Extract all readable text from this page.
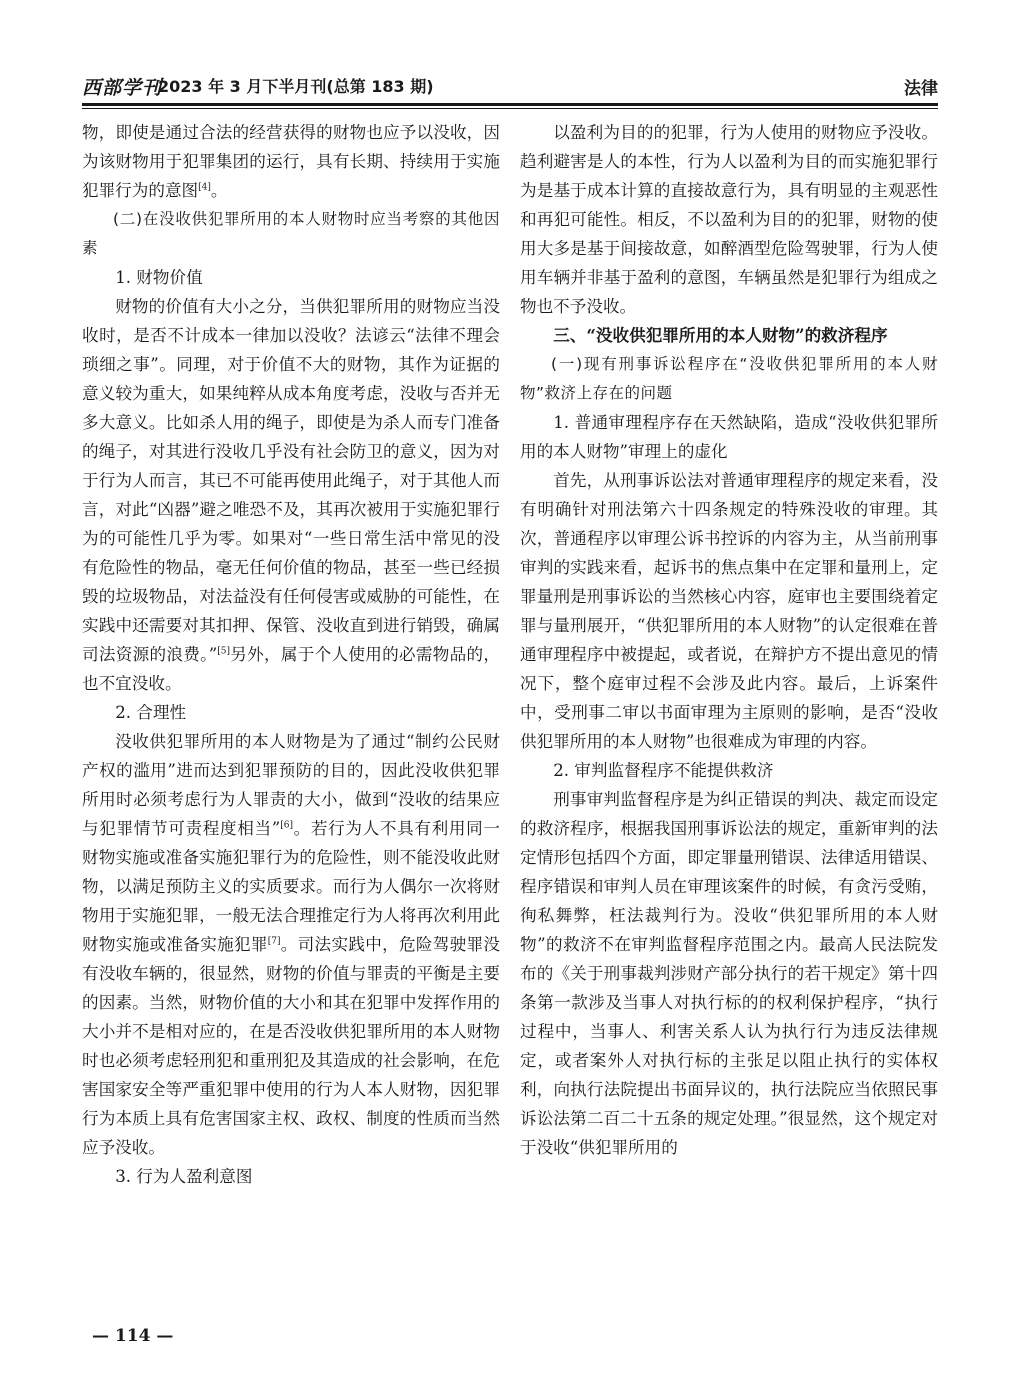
西部学刊
2023 年 3 月下半月刊(总第 183 期)	法律

物，即使是通过合法的经营获得的财物也应予以没收，因为该财物用于犯罪集团的运行，具有长期、持续用于实施犯罪行为的意图[4]。

(二)在没收供犯罪所用的本人财物时应当考察的其他因素

1. 财物价值

财物的价值有大小之分，当供犯罪所用的财物应当没收时，是否不计成本一律加以没收？法谚云“法律不理会琐细之事”。同理，对于价值不大的财物，其作为证据的意义较为重大，如果纯粹从成本角度考虑，没收与否并无多大意义。比如杀人用的绳子，即使是为杀人而专门准备的绳子，对其进行没收几乎没有社会防卫的意义，因为对于行为人而言，其已不可能再使用此绳子，对于其他人而言，对此“凶器”避之唯恐不及，其再次被用于实施犯罪行为的可能性几乎为零。如果对“一些日常生活中常见的没有危险性的物品，毫无任何价值的物品，甚至一些已经损毁的垃圾物品，对法益没有任何侵害或威胁的可能性，在实践中还需要对其扣押、保管、没收直到进行销毁，确属司法资源的浪费。”[5]另外，属于个人使用的必需物品的，也不宜没收。

2. 合理性

没收供犯罪所用的本人财物是为了通过“制约公民财产权的滥用”进而达到犯罪预防的目的，因此没收供犯罪所用时必须考虑行为人罪责的大小，做到“没收的结果应与犯罪情节可责程度相当”[6]。若行为人不具有利用同一财物实施或准备实施犯罪行为的危险性，则不能没收此财物，以满足预防主义的实质要求。而行为人偶尔一次将财物用于实施犯罪，一般无法合理推定行为人将再次利用此财物实施或准备实施犯罪[7]。司法实践中，危险驾驶罪没有没收车辆的，很显然，财物的价值与罪责的平衡是主要的因素。当然，财物价值的大小和其在犯罪中发挥作用的大小并不是相对应的，在是否没收供犯罪所用的本人财物时也必须考虑轻刑犯和重刑犯及其造成的社会影响，在危害国家安全等严重犯罪中使用的行为人本人财物，因犯罪行为本质上具有危害国家主权、政权、制度的性质而当然应予没收。

3. 行为人盈利意图

以盈利为目的的犯罪，行为人使用的财物应予没收。趋利避害是人的本性，行为人以盈利为目的而实施犯罪行为是基于成本计算的直接故意行为，具有明显的主观恶性和再犯可能性。相反，不以盈利为目的的犯罪，财物的使用大多是基于间接故意，如醉酒型危险驾驶罪，行为人使用车辆并非基于盈利的意图，车辆虽然是犯罪行为组成之物也不予没收。

三、“没收供犯罪所用的本人财物”的救济程序

(一)现有刑事诉讼程序在“没收供犯罪所用的本人财物”救济上存在的问题

1. 普通审理程序存在天然缺陷，造成“没收供犯罪所用的本人财物”审理上的虚化

首先，从刑事诉讼法对普通审理程序的规定来看，没有明确针对刑法第六十四条规定的特殊没收的审理。其次，普通程序以审理公诉书控诉的内容为主，从当前刑事审判的实践来看，起诉书的焦点集中在定罪和量刑上，定罪量刑是刑事诉讼的当然核心内容，庭审也主要围绕着定罪与量刑展开，“供犯罪所用的本人财物”的认定很难在普通审理程序中被提起，或者说，在辩护方不提出意见的情况下，整个庭审过程不会涉及此内容。最后，上诉案件中，受刑事二审以书面审理为主原则的影响，是否“没收供犯罪所用的本人财物”也很难成为审理的内容。

2. 审判监督程序不能提供救济

刑事审判监督程序是为纠正错误的判决、裁定而设定的救济程序，根据我国刑事诉讼法的规定，重新审判的法定情形包括四个方面，即定罪量刑错误、法律适用错误、程序错误和审判人员在审理该案件的时候，有贪污受贿，徇私舞弊，枉法裁判行为。没收“供犯罪所用的本人财物”的救济不在审判监督程序范围之内。最高人民法院发布的《关于刑事裁判涉财产部分执行的若干规定》第十四条第一款涉及当事人对执行标的的权利保护程序，“执行过程中，当事人、利害关系人认为执行行为违反法律规定，或者案外人对执行标的主张足以阻止执行的实体权利，向执行法院提出书面异议的，执行法院应当依照民事诉讼法第二百二十五条的规定处理。”很显然，这个规定对于没收“供犯罪所用的

— 114 —
